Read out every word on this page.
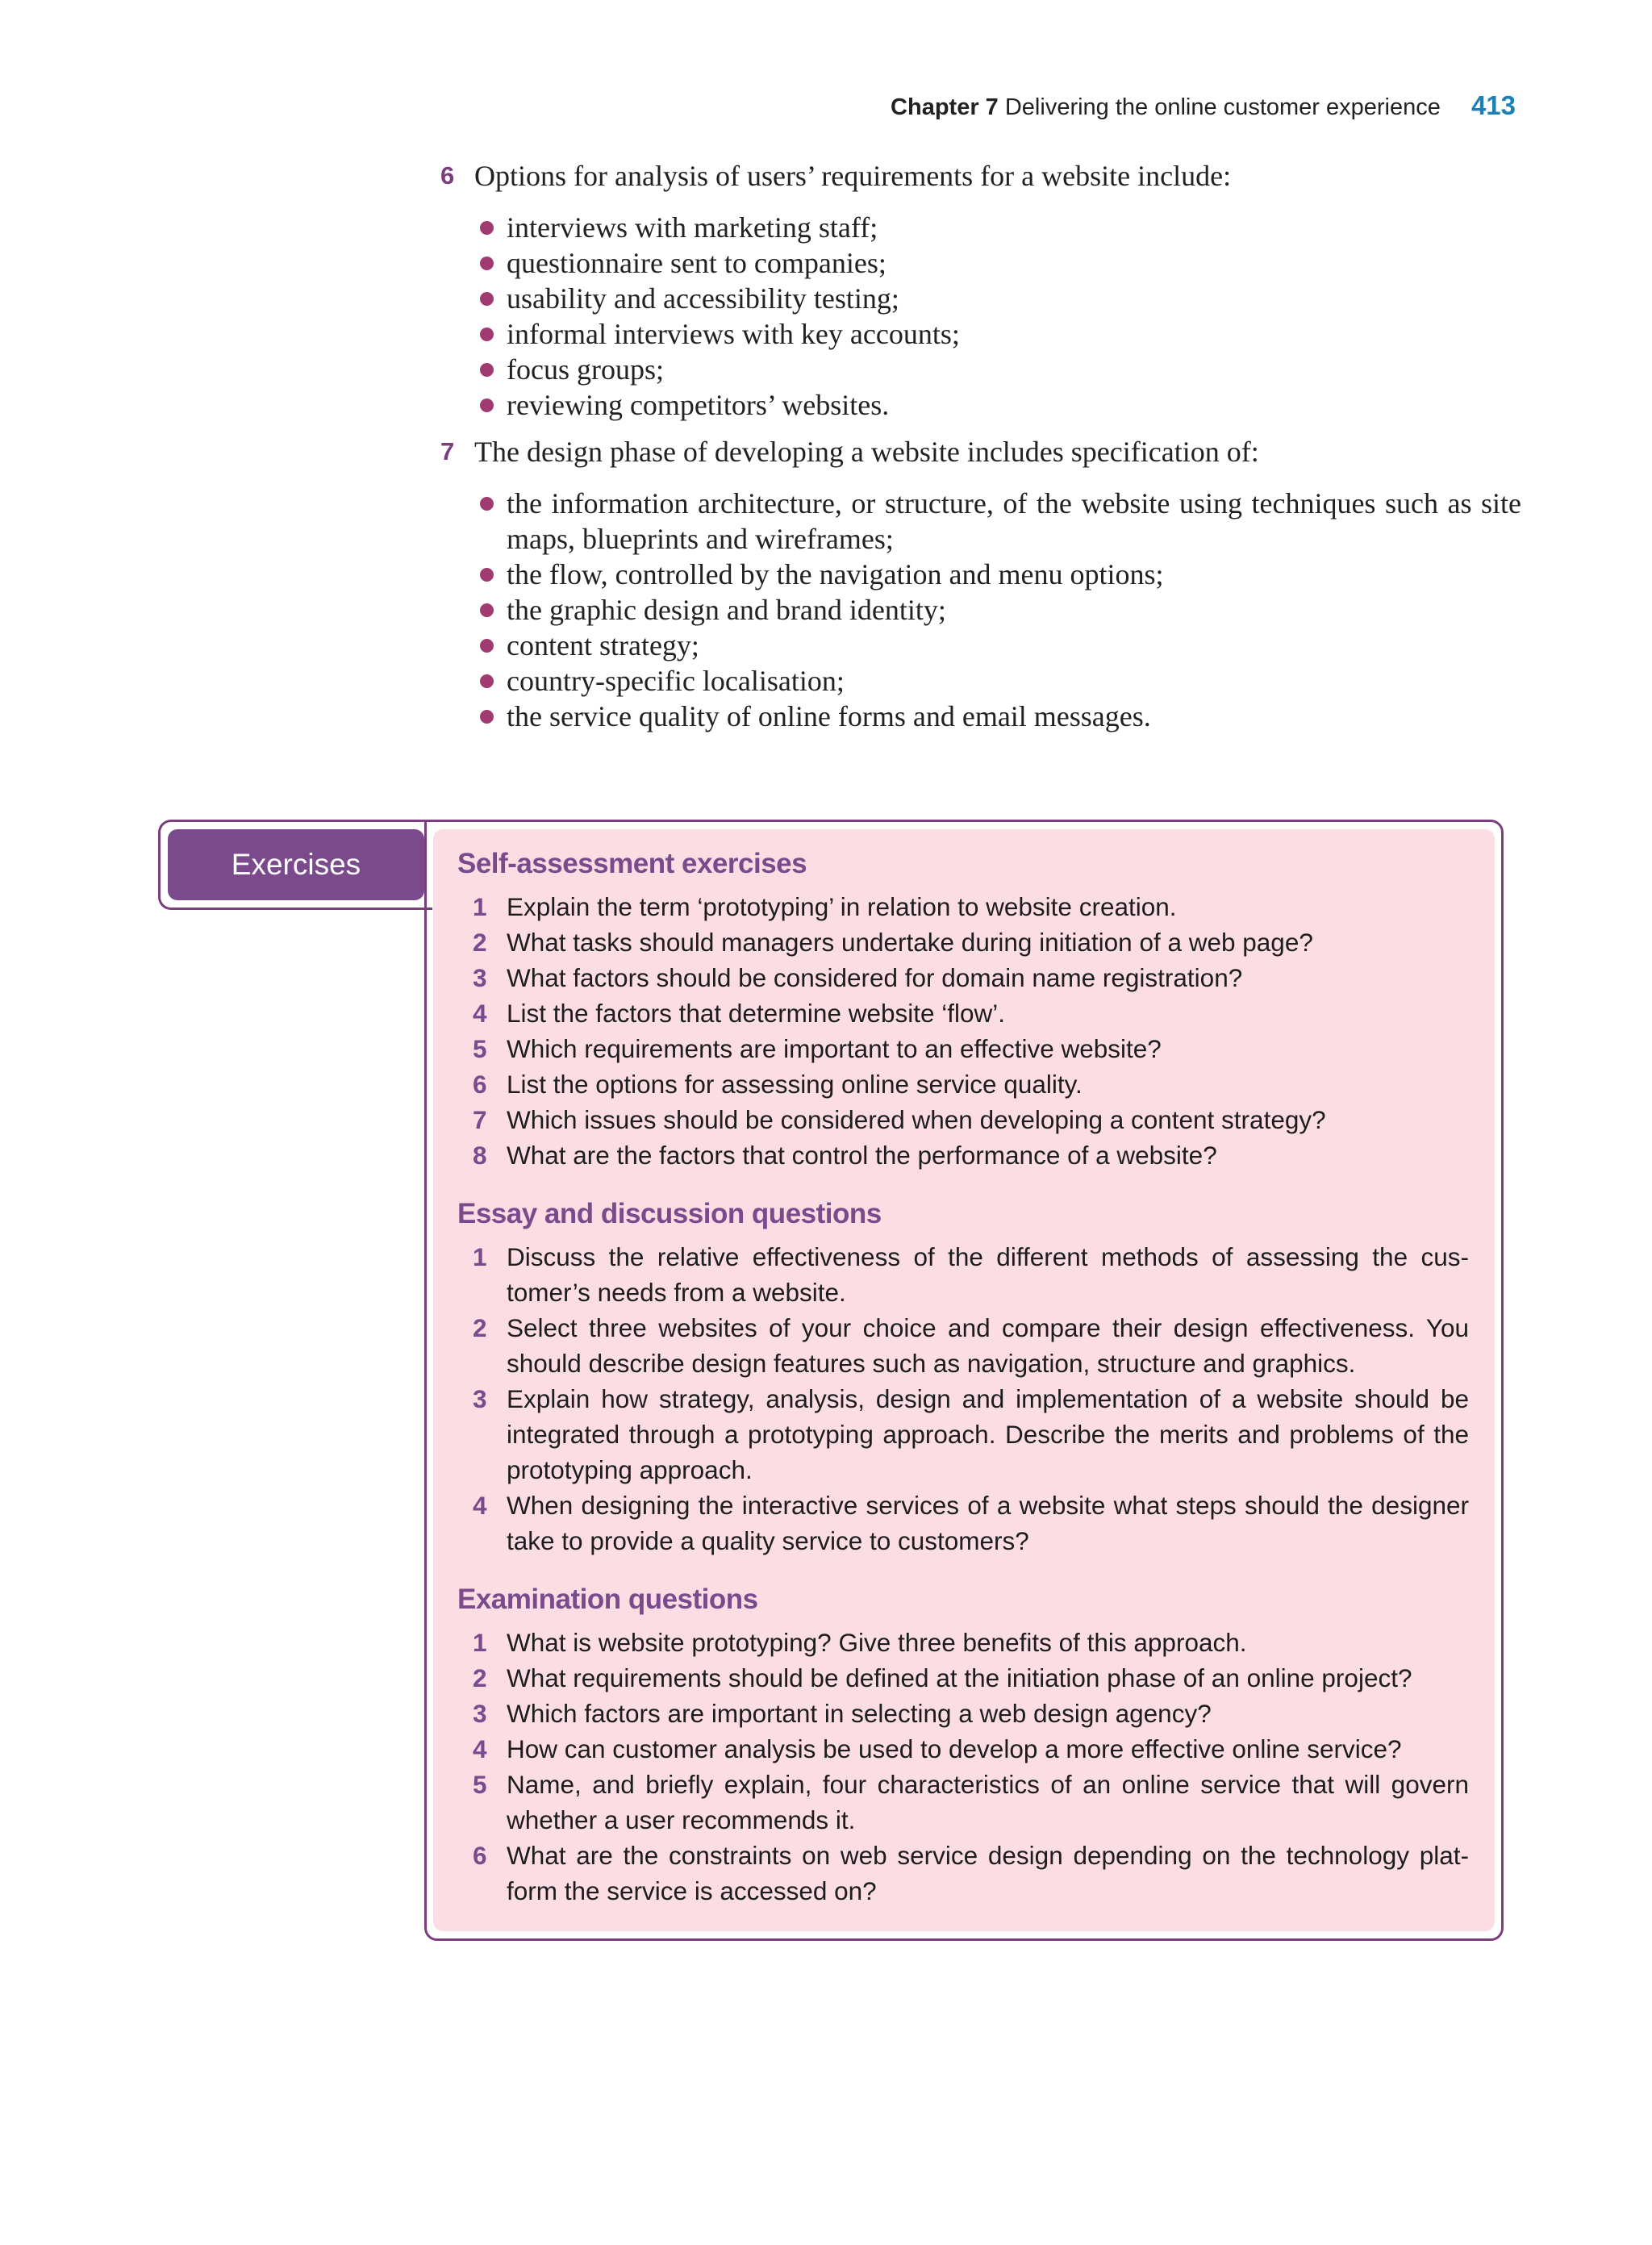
Chapter 7 Delivering the online customer experience 413
6 Options for analysis of users’ requirements for a website include:
interviews with marketing staff;
questionnaire sent to companies;
usability and accessibility testing;
informal interviews with key accounts;
focus groups;
reviewing competitors’ websites.
7 The design phase of developing a website includes specification of:
the information architecture, or structure, of the website using techniques such as site maps, blueprints and wireframes;
the flow, controlled by the navigation and menu options;
the graphic design and brand identity;
content strategy;
country-specific localisation;
the service quality of online forms and email messages.
Exercises	Self-assessment exercises
1 Explain the term ‘prototyping’ in relation to website creation.
2 What tasks should managers undertake during initiation of a web page?
3 What factors should be considered for domain name registration?
4 List the factors that determine website ‘flow’.
5 Which requirements are important to an effective website?
6 List the options for assessing online service quality.
7 Which issues should be considered when developing a content strategy?
8 What are the factors that control the performance of a website?
Essay and discussion questions
1 Discuss the relative effectiveness of the different methods of assessing the cus-tomer’s needs from a website.
2 Select three websites of your choice and compare their design effectiveness. You should describe design features such as navigation, structure and graphics.
3 Explain how strategy, analysis, design and implementation of a website should be integrated through a prototyping approach. Describe the merits and problems of the prototyping approach.
4 When designing the interactive services of a website what steps should the designer take to provide a quality service to customers?
Examination questions
1 What is website prototyping? Give three benefits of this approach.
2 What requirements should be defined at the initiation phase of an online project?
3 Which factors are important in selecting a web design agency?
4 How can customer analysis be used to develop a more effective online service?
5 Name, and briefly explain, four characteristics of an online service that will govern whether a user recommends it.
6 What are the constraints on web service design depending on the technology plat-form the service is accessed on?
